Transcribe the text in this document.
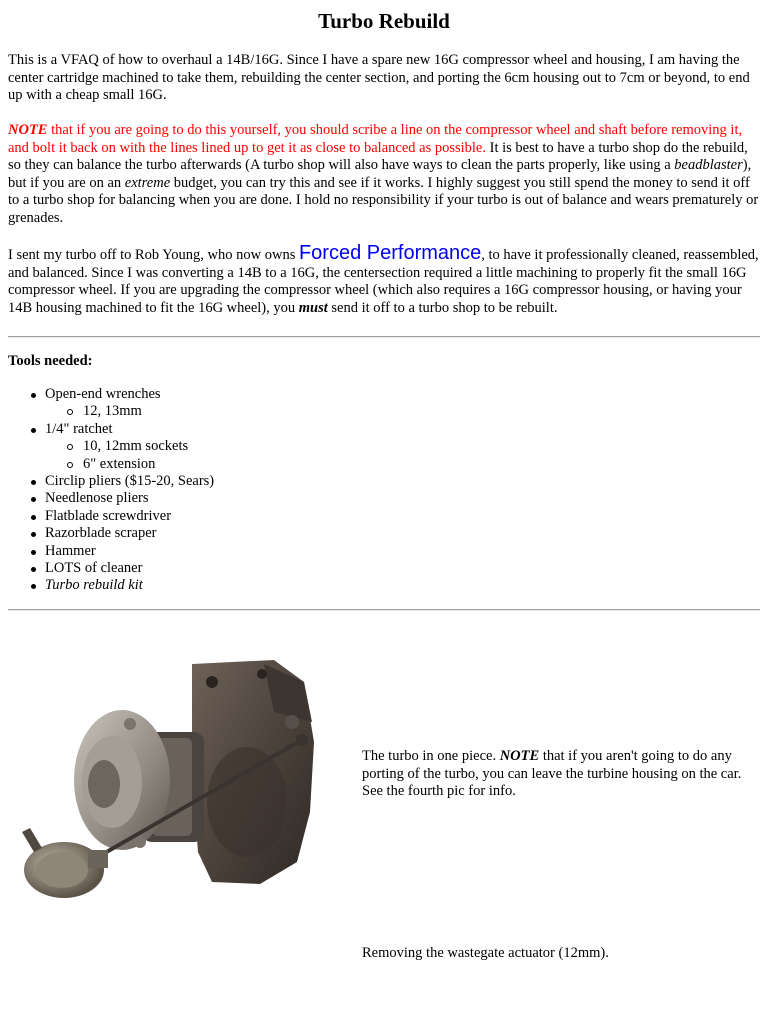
Turbo Rebuild

This is a VFAQ of how to overhaul a 14B/16G. Since I have a spare new 16G compressor wheel and housing, I am having the center cartridge machined to take them, rebuilding the center section, and porting the 6cm housing out to 7cm or beyond, to end up with a cheap small 16G.

NOTE that if you are going to do this yourself, you should scribe a line on the compressor wheel and shaft before removing it, and bolt it back on with the lines lined up to get it as close to balanced as possible. It is best to have a turbo shop do the rebuild, so they can balance the turbo afterwards (A turbo shop will also have ways to clean the parts properly, like using a beadblaster), but if you are on an extreme budget, you can try this and see if it works. I highly suggest you still spend the money to send it off to a turbo shop for balancing when you are done. I hold no responsibility if your turbo is out of balance and wears prematurely or grenades.

I sent my turbo off to Rob Young, who now owns Forced Performance, to have it professionally cleaned, reassembled, and balanced. Since I was converting a 14B to a 16G, the centersection required a little machining to properly fit the small 16G compressor wheel. If you are upgrading the compressor wheel (which also requires a 16G compressor housing, or having your 14B housing machined to fit the 16G wheel), you must send it off to a turbo shop to be rebuilt.

Tools needed:

Open-end wrenches
12, 13mm
1/4" ratchet
10, 12mm sockets
6" extension
Circlip pliers ($15-20, Sears)
Needlenose pliers
Flatblade screwdriver
Razorblade scraper
Hammer
LOTS of cleaner
Turbo rebuild kit

The turbo in one piece. NOTE that if you aren't going to do any porting of the turbo, you can leave the turbine housing on the car. See the fourth pic for info.

Removing the wastegate actuator (12mm).
